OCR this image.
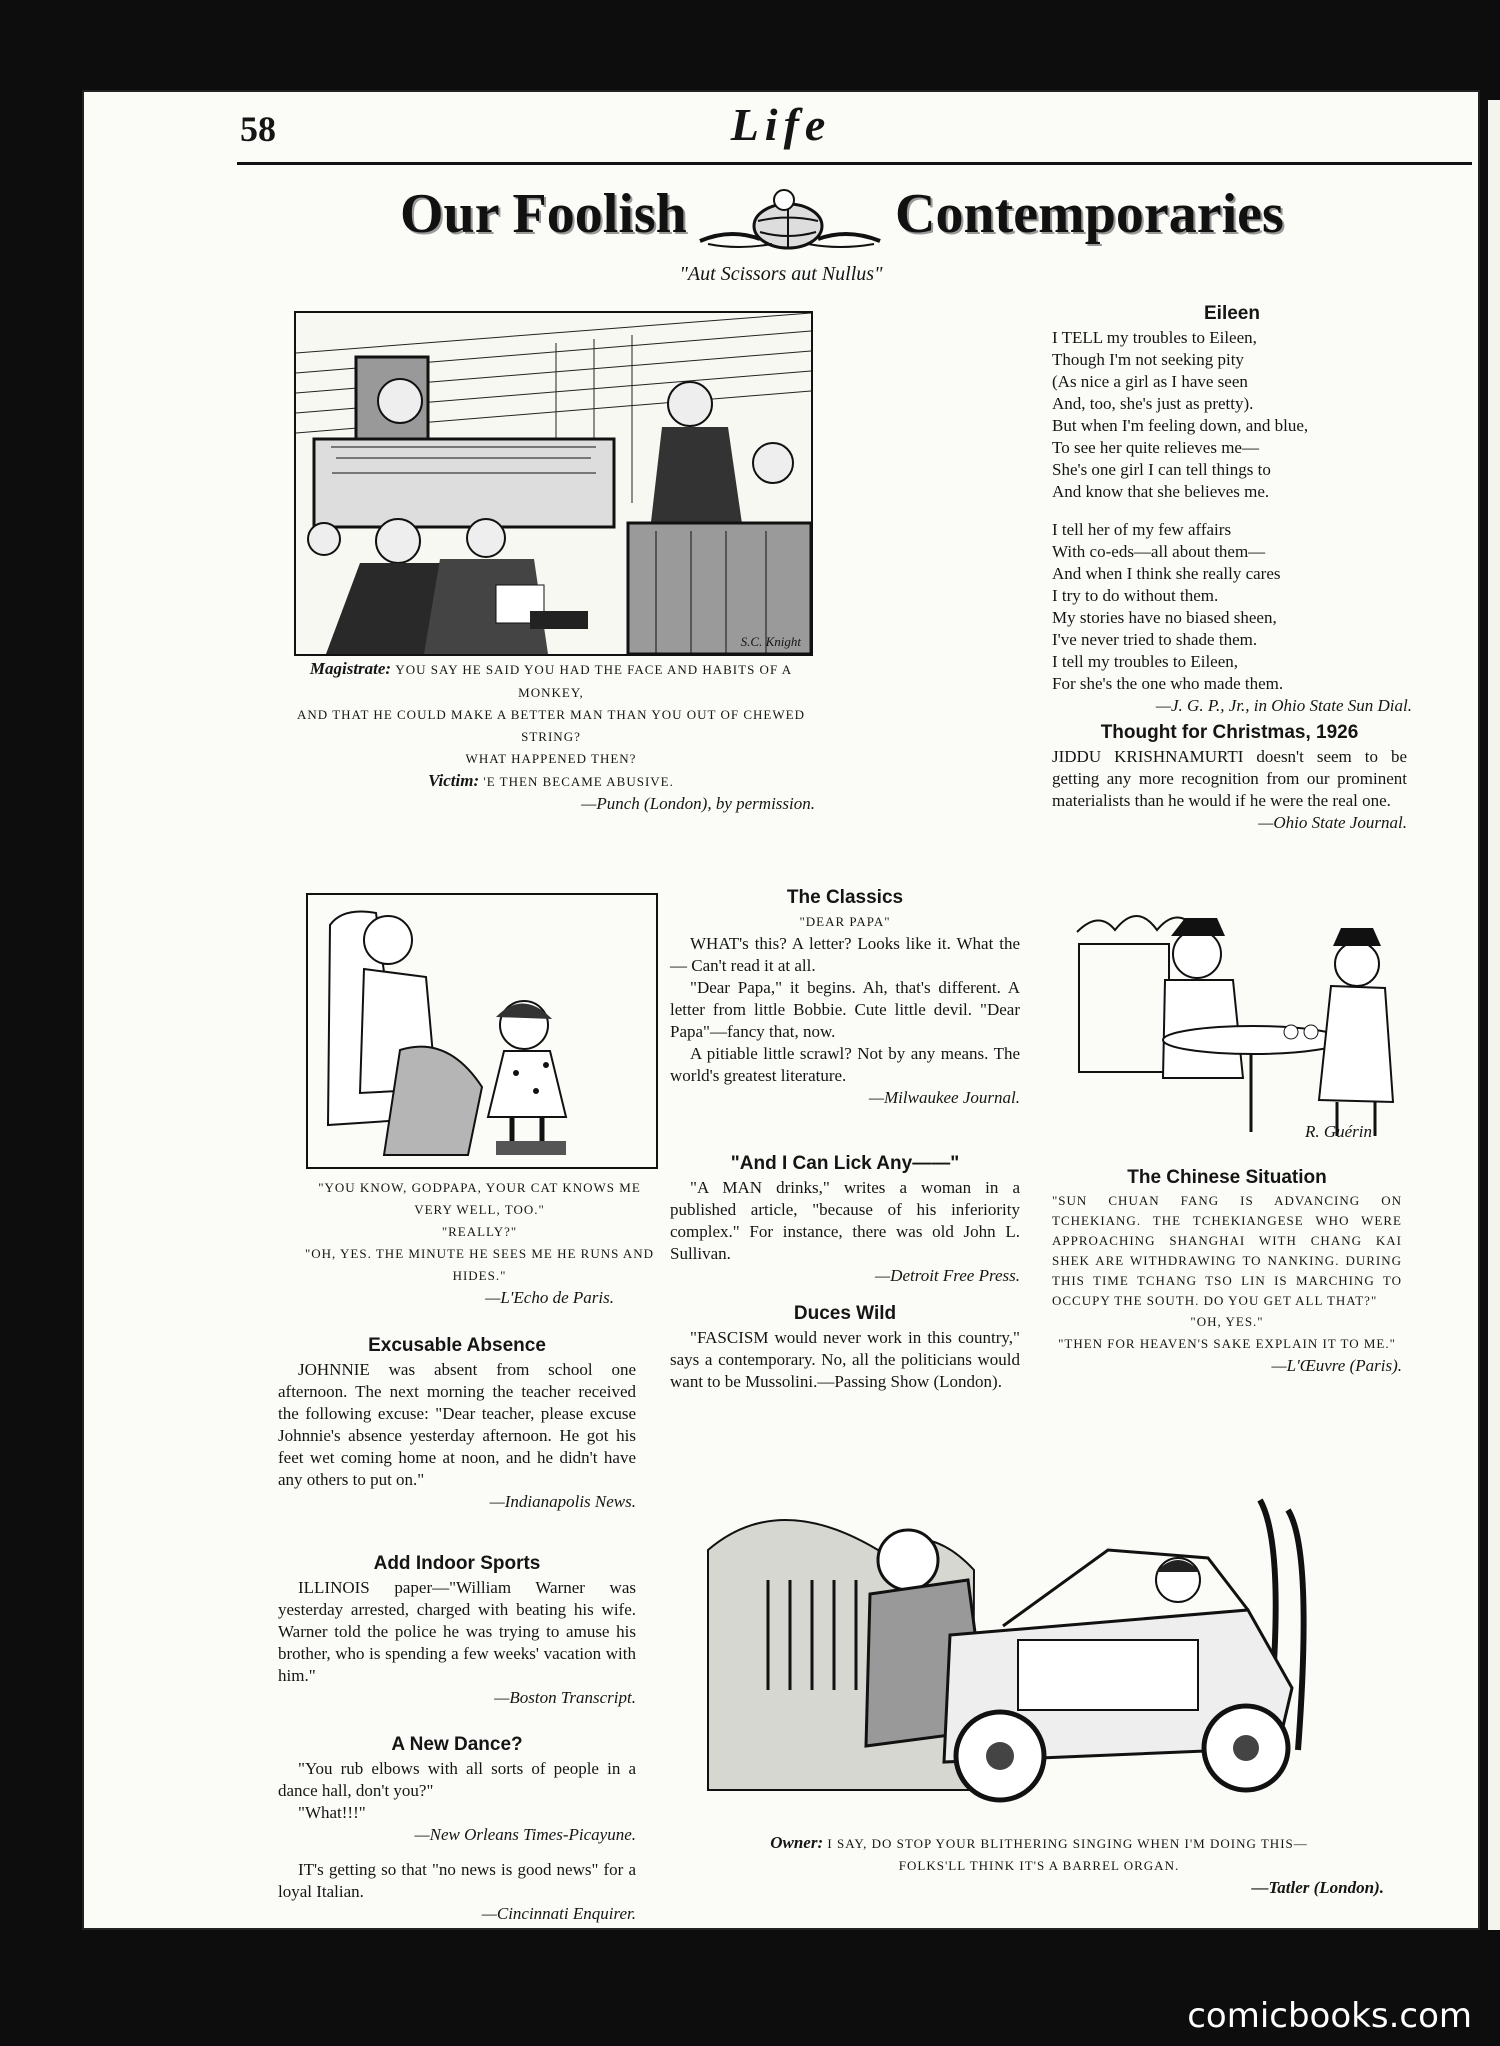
58	Life
Our Foolish	Contemporaries
"Aut Scissors aut Nullus"
S.C. Knight
Magistrate: YOU SAY HE SAID YOU HAD THE FACE AND HABITS OF A MONKEY,
AND THAT HE COULD MAKE A BETTER MAN THAN YOU OUT OF CHEWED STRING?
WHAT HAPPENED THEN?
Victim: 'E THEN BECAME ABUSIVE.
—Punch (London), by permission.
Eileen

I TELL my troubles to Eileen,
Though I'm not seeking pity
(As nice a girl as I have seen
And, too, she's just as pretty).
But when I'm feeling down, and blue,
To see her quite relieves me—
She's one girl I can tell things to
And know that she believes me.

I tell her of my few affairs
With co-eds—all about them—
And when I think she really cares
I try to do without them.
My stories have no biased sheen,
I've never tried to shade them.
I tell my troubles to Eileen,
For she's the one who made them.

—J. G. P., Jr., in Ohio State Sun Dial.
Thought for Christmas, 1926

JIDDU KRISHNAMURTI doesn't seem to be getting any more recognition from our prominent materialists than he would if he were the real one.

—Ohio State Journal.
"YOU KNOW, GODPAPA, YOUR CAT KNOWS ME VERY WELL, TOO."
"REALLY?"
"OH, YES. THE MINUTE HE SEES ME HE RUNS AND HIDES."
—L'Echo de Paris.
The Classics
"DEAR PAPA"

WHAT's this? A letter? Looks like it. What the — Can't read it at all.

"Dear Papa," it begins. Ah, that's different. A letter from little Bobbie. Cute little devil. "Dear Papa"—fancy that, now.

A pitiable little scrawl? Not by any means. The world's greatest literature.

—Milwaukee Journal.
"And I Can Lick Any——"

"A MAN drinks," writes a woman in a published article, "because of his inferiority complex." For instance, there was old John L. Sullivan.

—Detroit Free Press.
Duces Wild

"FASCISM would never work in this country," says a contemporary. No, all the politicians would want to be Mussolini.—Passing Show (London).

R. Guérin
The Chinese Situation

"SUN CHUAN FANG IS ADVANCING ON TCHEKIANG. THE TCHEKIANGESE WHO WERE APPROACHING SHANGHAI WITH CHANG KAI SHEK ARE WITHDRAWING TO NANKING. DURING THIS TIME TCHANG TSO LIN IS MARCHING TO OCCUPY THE SOUTH. DO YOU GET ALL THAT?"

"OH, YES."
"THEN FOR HEAVEN'S SAKE EXPLAIN IT TO ME."
—L'Œuvre (Paris).
Excusable Absence

JOHNNIE was absent from school one afternoon. The next morning the teacher received the following excuse: "Dear teacher, please excuse Johnnie's absence yesterday afternoon. He got his feet wet coming home at noon, and he didn't have any others to put on."

—Indianapolis News.
Add Indoor Sports

ILLINOIS paper—"William Warner was yesterday arrested, charged with beating his wife. Warner told the police he was trying to amuse his brother, who is spending a few weeks' vacation with him."

—Boston Transcript.
A New Dance?

"You rub elbows with all sorts of people in a dance hall, don't you?"

"What!!!"

—New Orleans Times-Picayune.

IT's getting so that "no news is good news" for a loyal Italian.

—Cincinnati Enquirer.
Owner: I SAY, DO STOP YOUR BLITHERING SINGING WHEN I'M DOING THIS—
FOLKS'LL THINK IT'S A BARREL ORGAN.
—Tatler (London).
comicbooks.com
